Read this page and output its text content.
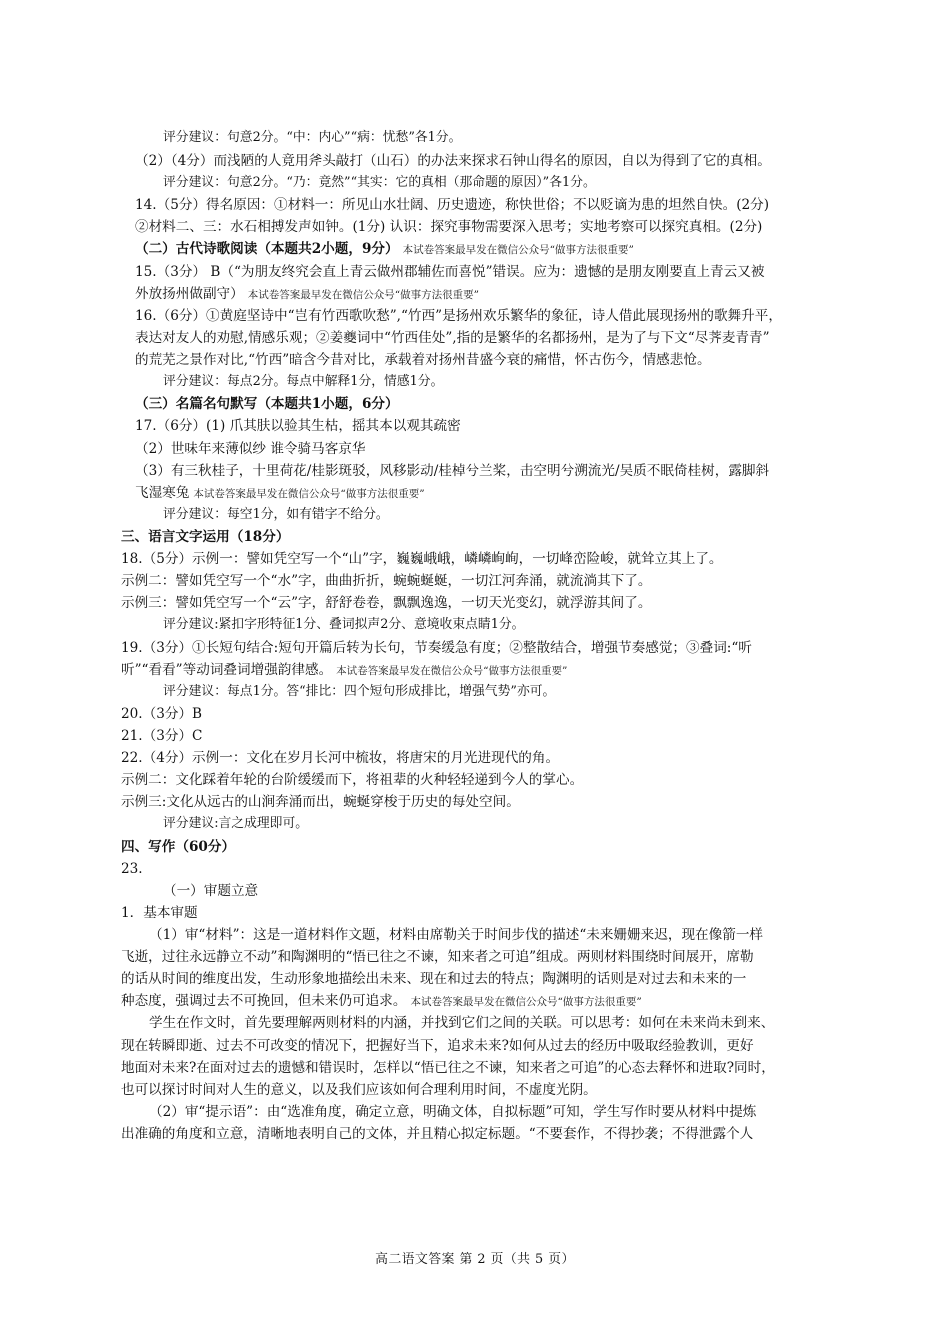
评分建议：句意2分。“中：内心”“病：忧愁”各1分。
（2）（4分）而浅陋的人竟用斧头敲打（山石）的办法来探求石钟山得名的原因，自以为得到了它的真相。
评分建议：句意2分。“乃：竟然”“其实：它的真相（那命题的原因）”各1分。
14.（5分）得名原因：①材料一：所见山水壮阔、历史遗迹，称快世俗；不以贬谪为患的坦然自快。(2分)
②材料二、三：水石相搏发声如钟。(1分) 认识：探究事物需要深入思考；实地考察可以探究真相。(2分)
（二）古代诗歌阅读（本题共2小题，9分） 本试卷答案最早发在微信公众号“做事方法很重要”
15.（3分） B（“为朋友终究会直上青云做州郡辅佐而喜悦”错误。应为：遗憾的是朋友刚要直上青云又被
外放扬州做副守） 本试卷答案最早发在微信公众号“做事方法很重要”
16.（6分）①黄庭坚诗中“岂有竹西歌吹愁”,“竹西”是扬州欢乐繁华的象征，诗人借此展现扬州的歌舞升平，
表达对友人的劝慰,情感乐观；②姜夔词中“竹西佳处”,指的是繁华的名都扬州，是为了与下文“尽荠麦青青”
的荒芜之景作对比,“竹西”暗含今昔对比，承载着对扬州昔盛今衰的痛惜，怀古伤今，情感悲怆。
评分建议：每点2分。每点中解释1分，情感1分。
（三）名篇名句默写（本题共1小题，6分）
17.（6分）(1) 爪其肤以验其生枯，摇其本以观其疏密
（2）世味年来薄似纱 谁令骑马客京华
（3）有三秋桂子，十里荷花/桂影斑驳，风移影动/桂棹兮兰桨，击空明兮溯流光/吴质不眠倚桂树，露脚斜
飞湿寒兔 本试卷答案最早发在微信公众号“做事方法很重要”
评分建议：每空1分，如有错字不给分。
三、语言文字运用（18分）
18.（5分）示例一：譬如凭空写一个“山”字，巍巍峨峨，嶙嶙峋峋，一切峰峦险峻，就耸立其上了。
示例二：譬如凭空写一个“水”字，曲曲折折，蜿蜿蜒蜒，一切江河奔涌，就流淌其下了。
示例三：譬如凭空写一个“云”字，舒舒卷卷，飘飘逸逸，一切天光变幻，就浮游其间了。
评分建议:紧扣字形特征1分、叠词拟声2分、意境收束点睛1分。
19.（3分）①长短句结合:短句开篇后转为长句，节奏缓急有度；②整散结合，增强节奏感觉；③叠词:“听
听”“看看”等动词叠词增强韵律感。 本试卷答案最早发在微信公众号“做事方法很重要”
评分建议：每点1分。答“排比：四个短句形成排比，增强气势”亦可。
20.（3分）B
21.（3分）C
22.（4分）示例一：文化在岁月长河中梳妆，将唐宋的月光进现代的角。
示例二：文化踩着年轮的台阶缓缓而下，将祖辈的火种轻轻递到今人的掌心。
示例三:文化从远古的山涧奔涌而出，蜿蜒穿梭于历史的每处空间。
评分建议:言之成理即可。
四、写作（60分）
23.
（一）审题立意
1．基本审题
（1）审“材料”：这是一道材料作文题，材料由席勒关于时间步伐的描述“未来姗姗来迟，现在像箭一样
飞逝，过往永远静立不动”和陶渊明的“悟已往之不谏，知来者之可追”组成。两则材料围绕时间展开，席勒
的话从时间的维度出发，生动形象地描绘出未来、现在和过去的特点；陶渊明的话则是对过去和未来的一
种态度，强调过去不可挽回，但未来仍可追求。 本试卷答案最早发在微信公众号“做事方法很重要”
学生在作文时，首先要理解两则材料的内涵，并找到它们之间的关联。可以思考：如何在未来尚未到来、
现在转瞬即逝、过去不可改变的情况下，把握好当下，追求未来?如何从过去的经历中吸取经验教训，更好
地面对未来?在面对过去的遗憾和错误时，怎样以“悟已往之不谏，知来者之可追”的心态去释怀和进取?同时，
也可以探讨时间对人生的意义，以及我们应该如何合理利用时间，不虚度光阴。
（2）审“提示语”：由“选准角度，确定立意，明确文体，自拟标题”可知，学生写作时要从材料中提炼
出准确的角度和立意，清晰地表明自己的文体，并且精心拟定标题。“不要套作，不得抄袭；不得泄露个人
高二语文答案 第 2 页（共 5 页）
